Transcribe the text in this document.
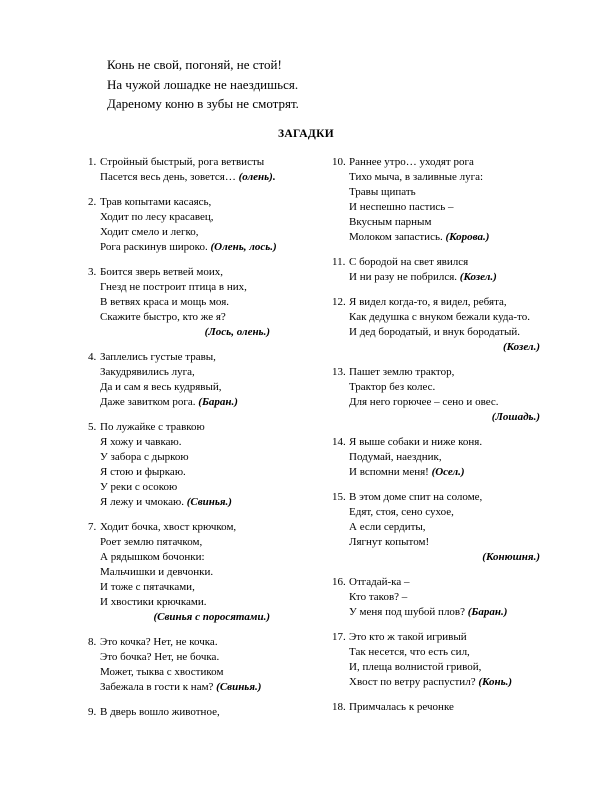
Конь не свой, погоняй, не стой!
На чужой лошадке не наездишься.
Дареному коню в зубы не смотрят.
ЗАГАДКИ
1. Стройный быстрый, рога ветвисты
Пасется весь день, зовется… (олень).
2. Трав копытами касаясь,
Ходит по лесу красавец,
Ходит смело и легко,
Рога раскинув широко. (Олень, лось.)
3. Боится зверь ветвей моих,
Гнезд не построит птица в них,
В ветвях краса и мощь моя.
Скажите быстро, кто же я?
(Лось, олень.)
4. Заплелись густые травы,
Закудрявились луга,
Да и сам я весь кудрявый,
Даже завитком рога. (Баран.)
5. По лужайке с травкою
Я хожу и чавкаю.
У забора с дыркою
Я стою и фыркаю.
У реки с осокою
Я лежу и чмокаю. (Свинья.)
7. Ходит бочка, хвост крючком,
Роет землю пятачком,
А рядышком бочонки:
Мальчишки и девчонки.
И тоже с пятачками,
И хвостики крючками.
(Свинья с поросятами.)
8. Это кочка? Нет, не кочка.
Это бочка? Нет, не бочка.
Может, тыква с хвостиком
Забежала в гости к нам? (Свинья.)
9. В дверь вошло животное,
10. Раннее утро… уходят рога
Тихо мыча, в заливные луга:
Травы щипать
И неспешно пастись –
Вкусным парным
Молоком запастись. (Корова.)
11. С бородой на свет явился
И ни разу не побрился. (Козел.)
12. Я видел когда-то, я видел, ребята,
Как дедушка с внуком бежали куда-то.
И дед бородатый, и внук бородатый.
(Козел.)
13. Пашет землю трактор,
Трактор без колес.
Для него горючее – сено и овес.
(Лошадь.)
14. Я выше собаки и ниже коня.
Подумай, наездник,
И вспомни меня! (Осел.)
15. В этом доме спит на соломе,
Едят, стоя, сено сухое,
А если сердиты,
Лягнут копытом!
(Конюшня.)
16. Отгадай-ка –
Кто таков? –
У меня под шубой плов? (Баран.)
17. Это кто ж такой игривый
Так несется, что есть сил,
И, плеща волнистой гривой,
Хвост по ветру распустил? (Конь.)
18. Примчалась к речонке
